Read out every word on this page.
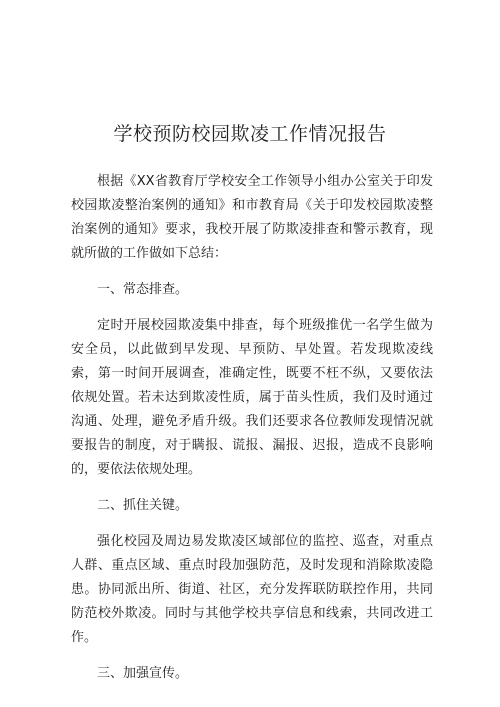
学校预防校园欺凌工作情况报告

根据《XX省教育厅学校安全工作领导小组办公室关于印发校园欺凌整治案例的通知》和市教育局《关于印发校园欺凌整治案例的通知》要求，我校开展了防欺凌排查和警示教育，现就所做的工作做如下总结：

一、常态排查。

定时开展校园欺凌集中排查，每个班级推优一名学生做为安全员，以此做到早发现、早预防、早处置。若发现欺凌线索，第一时间开展调查，准确定性，既要不枉不纵，又要依法依规处置。若未达到欺凌性质，属于苗头性质，我们及时通过沟通、处理，避免矛盾升级。我们还要求各位教师发现情况就要报告的制度，对于瞒报、谎报、漏报、迟报，造成不良影响的，要依法依规处理。

二、抓住关键。

强化校园及周边易发欺凌区域部位的监控、巡查，对重点人群、重点区域、重点时段加强防范，及时发现和消除欺凌隐患。协同派出所、街道、社区，充分发挥联防联控作用，共同防范校外欺凌。同时与其他学校共享信息和线索，共同改进工作。

三、加强宣传。
